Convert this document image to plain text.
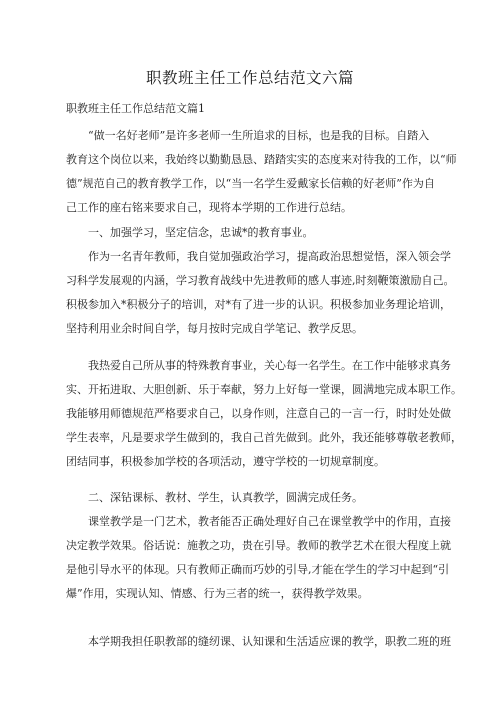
职教班主任工作总结范文六篇
职教班主任工作总结范文篇1
　　“做一名好老师”是许多老师一生所追求的目标，也是我的目标。自踏入
教育这个岗位以来，我始终以勤勤恳恳、踏踏实实的态度来对待我的工作，以“师
德”规范自己的教育教学工作，以“当一名学生爱戴家长信赖的好老师”作为自
己工作的座右铭来要求自己，现将本学期的工作进行总结。
　　一、加强学习，坚定信念，忠诚*的教育事业。
　　作为一名青年教师，我自觉加强政治学习，提高政治思想觉悟，深入领会学
习科学发展观的内涵，学习教育战线中先进教师的感人事迹,时刻鞭策激励自己。
积极参加入*积极分子的培训，对*有了进一步的认识。积极参加业务理论培训，
坚持利用业余时间自学，每月按时完成自学笔记、教学反思。
　　我热爱自己所从事的特殊教育事业，关心每一名学生。在工作中能够求真务
实、开拓进取、大胆创新、乐于奉献，努力上好每一堂课，圆满地完成本职工作。
我能够用师德规范严格要求自己，以身作则，注意自己的一言一行，时时处处做
学生表率，凡是要求学生做到的，我自己首先做到。此外，我还能够尊敬老教师，
团结同事，积极参加学校的各项活动，遵守学校的一切规章制度。
　　二、深钻课标、教材、学生，认真教学，圆满完成任务。
　　课堂教学是一门艺术，教者能否正确处理好自己在课堂教学中的作用，直接
决定教学效果。俗话说：施教之功，贵在引导。教师的教学艺术在很大程度上就
是他引导水平的体现。只有教师正确而巧妙的引导,才能在学生的学习中起到“引
爆”作用，实现认知、情感、行为三者的统一，获得教学效果。
　　本学期我担任职教部的缝纫课、认知课和生活适应课的教学，职教二班的班
